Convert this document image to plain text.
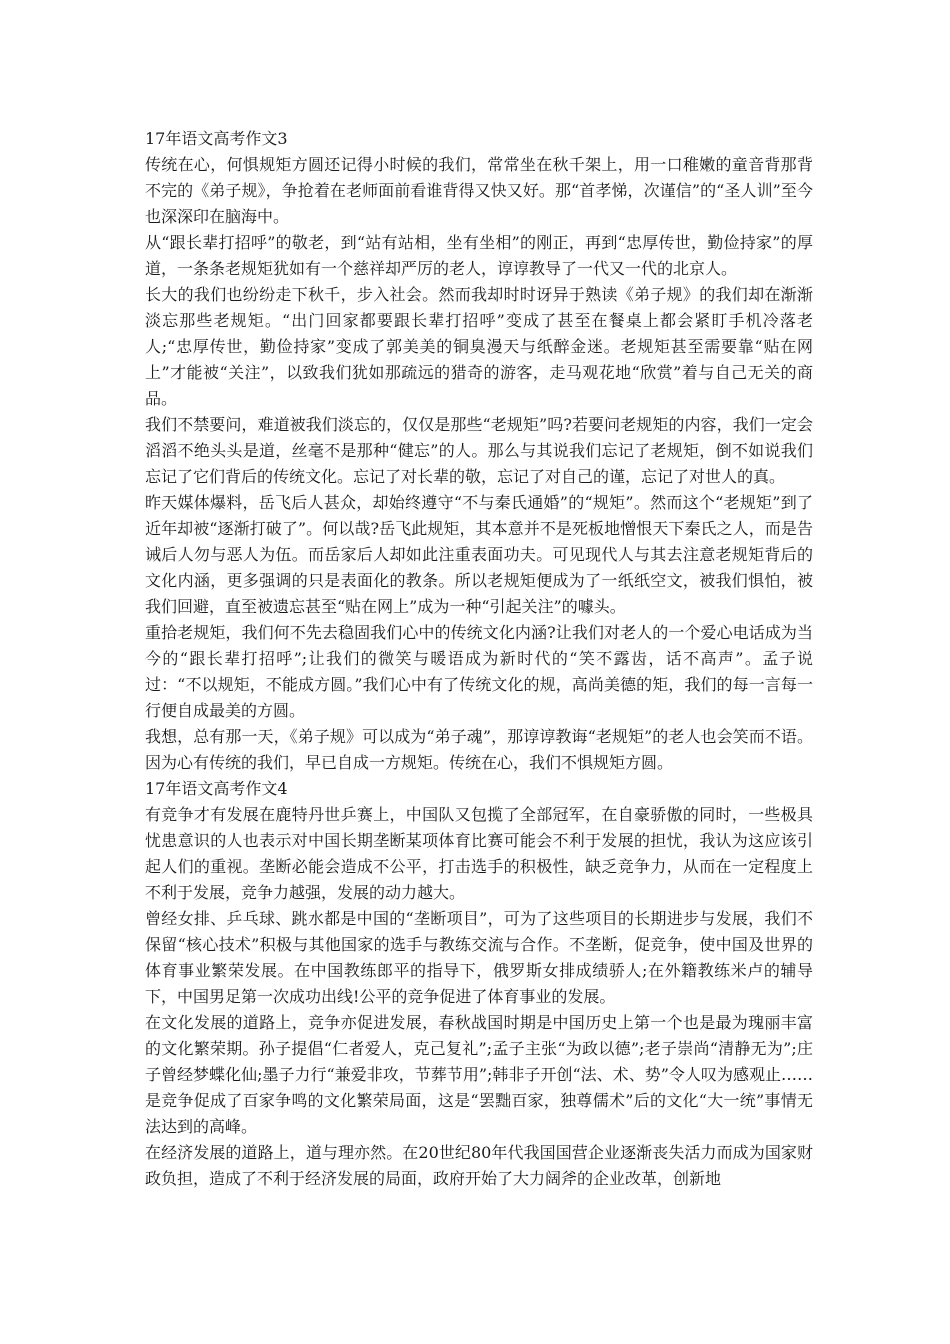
17年语文高考作文3

传统在心，何惧规矩方圆还记得小时候的我们，常常坐在秋千架上，用一口稚嫩的童音背那背不完的《弟子规》，争抢着在老师面前看谁背得又快又好。那“首孝悌，次谨信”的“圣人训”至今也深深印在脑海中。

从“跟长辈打招呼”的敬老，到“站有站相，坐有坐相”的刚正，再到“忠厚传世，勤俭持家”的厚道，一条条老规矩犹如有一个慈祥却严厉的老人，谆谆教导了一代又一代的北京人。

长大的我们也纷纷走下秋千，步入社会。然而我却时时讶异于熟读《弟子规》的我们却在渐渐淡忘那些老规矩。“出门回家都要跟长辈打招呼”变成了甚至在餐桌上都会紧盯手机冷落老人;“忠厚传世，勤俭持家”变成了郭美美的铜臭漫天与纸醉金迷。老规矩甚至需要靠“贴在网上”才能被“关注”，以致我们犹如那疏远的猎奇的游客，走马观花地“欣赏”着与自己无关的商品。

我们不禁要问，难道被我们淡忘的，仅仅是那些“老规矩”吗?若要问老规矩的内容，我们一定会滔滔不绝头头是道，丝毫不是那种“健忘”的人。那么与其说我们忘记了老规矩，倒不如说我们忘记了它们背后的传统文化。忘记了对长辈的敬，忘记了对自己的谨，忘记了对世人的真。

昨天媒体爆料，岳飞后人甚众，却始终遵守“不与秦氏通婚”的“规矩”。然而这个“老规矩”到了近年却被“逐渐打破了”。何以哉?岳飞此规矩，其本意并不是死板地憎恨天下秦氏之人，而是告诫后人勿与恶人为伍。而岳家后人却如此注重表面功夫。可见现代人与其去注意老规矩背后的文化内涵，更多强调的只是表面化的教条。所以老规矩便成为了一纸纸空文，被我们惧怕，被我们回避，直至被遗忘甚至“贴在网上”成为一种“引起关注”的噱头。

重拾老规矩，我们何不先去稳固我们心中的传统文化内涵?让我们对老人的一个爱心电话成为当今的“跟长辈打招呼”;让我们的微笑与暖语成为新时代的“笑不露齿，话不高声”。孟子说过：“不以规矩，不能成方圆。”我们心中有了传统文化的规，高尚美德的矩，我们的每一言每一行便自成最美的方圆。

我想，总有那一天，《弟子规》可以成为“弟子魂”，那谆谆教诲“老规矩”的老人也会笑而不语。因为心有传统的我们，早已自成一方规矩。传统在心，我们不惧规矩方圆。

17年语文高考作文4

有竞争才有发展在鹿特丹世乒赛上，中国队又包揽了全部冠军，在自豪骄傲的同时，一些极具忧患意识的人也表示对中国长期垄断某项体育比赛可能会不利于发展的担忧，我认为这应该引起人们的重视。垄断必能会造成不公平，打击选手的积极性，缺乏竞争力，从而在一定程度上不利于发展，竞争力越强，发展的动力越大。

曾经女排、乒乓球、跳水都是中国的“垄断项目”，可为了这些项目的长期进步与发展，我们不保留“核心技术”积极与其他国家的选手与教练交流与合作。不垄断，促竞争，使中国及世界的体育事业繁荣发展。在中国教练郎平的指导下，俄罗斯女排成绩骄人;在外籍教练米卢的辅导下，中国男足第一次成功出线!公平的竞争促进了体育事业的发展。

在文化发展的道路上，竞争亦促进发展，春秋战国时期是中国历史上第一个也是最为瑰丽丰富的文化繁荣期。孙子提倡“仁者爱人，克己复礼”;孟子主张“为政以德”;老子崇尚“清静无为”;庄子曾经梦蝶化仙;墨子力行“兼爱非攻，节葬节用”;韩非子开创“法、术、势”令人叹为感观止……是竞争促成了百家争鸣的文化繁荣局面，这是“罢黜百家，独尊儒术”后的文化“大一统”事情无法达到的高峰。

在经济发展的道路上，道与理亦然。在20世纪80年代我国国营企业逐渐丧失活力而成为国家财政负担，造成了不利于经济发展的局面，政府开始了大力阔斧的企业改革，创新地
